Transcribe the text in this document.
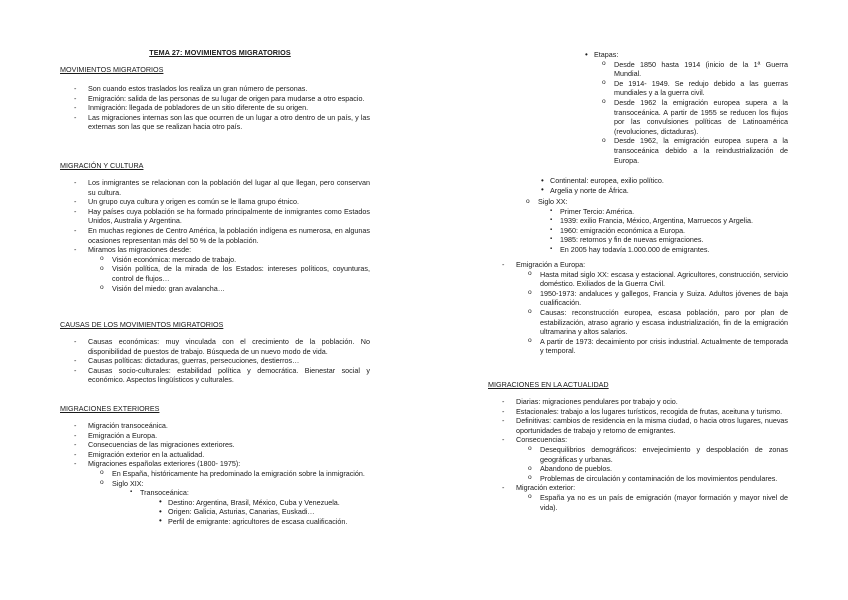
TEMA 27: MOVIMIENTOS MIGRATORIOS
MOVIMIENTOS MIGRATORIOS
- Son cuando estos traslados los realiza un gran número de personas.
- Emigración: salida de las personas de su lugar de origen para mudarse a otro espacio.
- Inmigración: llegada de pobladores de un sitio diferente de su origen.
- Las migraciones internas son las que ocurren de un lugar a otro dentro de un país, y las externas son las que se realizan hacia otro país.
MIGRACIÓN Y CULTURA
- Los inmigrantes se relacionan con la población del lugar al que llegan, pero conservan su cultura.
- Un grupo cuya cultura y origen es común se le llama grupo étnico.
- Hay países cuya población se ha formado principalmente de inmigrantes como Estados Unidos, Australia y Argentina.
- En muchas regiones de Centro América, la población indígena es numerosa, en algunas ocasiones representan más del 50 % de la población.
- Miramos las migraciones desde:
o Visión económica: mercado de trabajo.
o Visión política, de la mirada de los Estados: intereses políticos, coyunturas, control de flujos…
o Visión del miedo: gran avalancha…
CAUSAS DE LOS MOVIMIENTOS MIGRATORIOS
- Causas económicas: muy vinculada con el crecimiento de la población. No disponibilidad de puestos de trabajo. Búsqueda de un nuevo modo de vida.
- Causas políticas: dictaduras, guerras, persecuciones, destierros…
- Causas socio-culturales: estabilidad política y democrática. Bienestar social y económico. Aspectos lingüísticos y culturales.
MIGRACIONES EXTERIORES
- Migración transoceánica.
- Emigración a Europa.
- Consecuencias de las migraciones exteriores.
- Emigración exterior en la actualidad.
- Migraciones españolas exteriores (1800- 1975):
o En España, históricamente ha predominado la emigración sobre la inmigración.
o Siglo XIX:
▪ Transoceánica:
• Destino: Argentina, Brasil, México, Cuba y Venezuela.
• Origen: Galicia, Asturias, Canarias, Euskadi…
• Perfil de emigrante: agricultores de escasa cualificación.
• Etapas:
o Desde 1850 hasta 1914 (inicio de la 1ª Guerra Mundial.
o De 1914- 1949. Se redujo debido a las guerras mundiales y a la guerra civil.
o Desde 1962 la emigración europea supera a la transoceánica. A partir de 1955 se reducen los flujos por las convulsiones políticas de Latinoamérica (revoluciones, dictaduras).
o Desde 1962, la emigración europea supera a la transoceánica debido a la reindustrialización de Europa.
• Continental: europea, exilio político.
• Argelia y norte de África.
o Siglo XX:
▪ Primer Tercio: América.
▪ 1939: exilio Francia, México, Argentina, Marruecos y Argelia.
▪ 1960: emigración económica a Europa.
▪ 1985: retornos y fin de nuevas emigraciones.
▪ En 2005 hay todavía 1.000.000 de emigrantes.
- Emigración a Europa:
o Hasta mitad siglo XX: escasa y estacional. Agricultores, construcción, servicio doméstico. Exiliados de la Guerra Civil.
o 1950-1973: andaluces y gallegos, Francia y Suiza. Adultos jóvenes de baja cualificación.
o Causas: reconstrucción europea, escasa población, paro por plan de estabilización, atraso agrario y escasa industrialización, fin de la emigración ultramarina y altos salarios.
o A partir de 1973: decaimiento por crisis industrial. Actualmente de temporada y temporal.
MIGRACIONES EN LA ACTUALIDAD
- Diarias: migraciones pendulares por trabajo y ocio.
- Estacionales: trabajo a los lugares turísticos, recogida de frutas, aceituna y turismo.
- Definitivas: cambios de residencia en la misma ciudad, o hacia otros lugares, nuevas oportunidades de trabajo y retorno de emigrantes.
- Consecuencias:
o Desequilibrios demográficos: envejecimiento y despoblación de zonas geográficas y urbanas.
o Abandono de pueblos.
o Problemas de circulación y contaminación de los movimientos pendulares.
- Migración exterior:
o España ya no es un país de emigración (mayor formación y mayor nivel de vida).
